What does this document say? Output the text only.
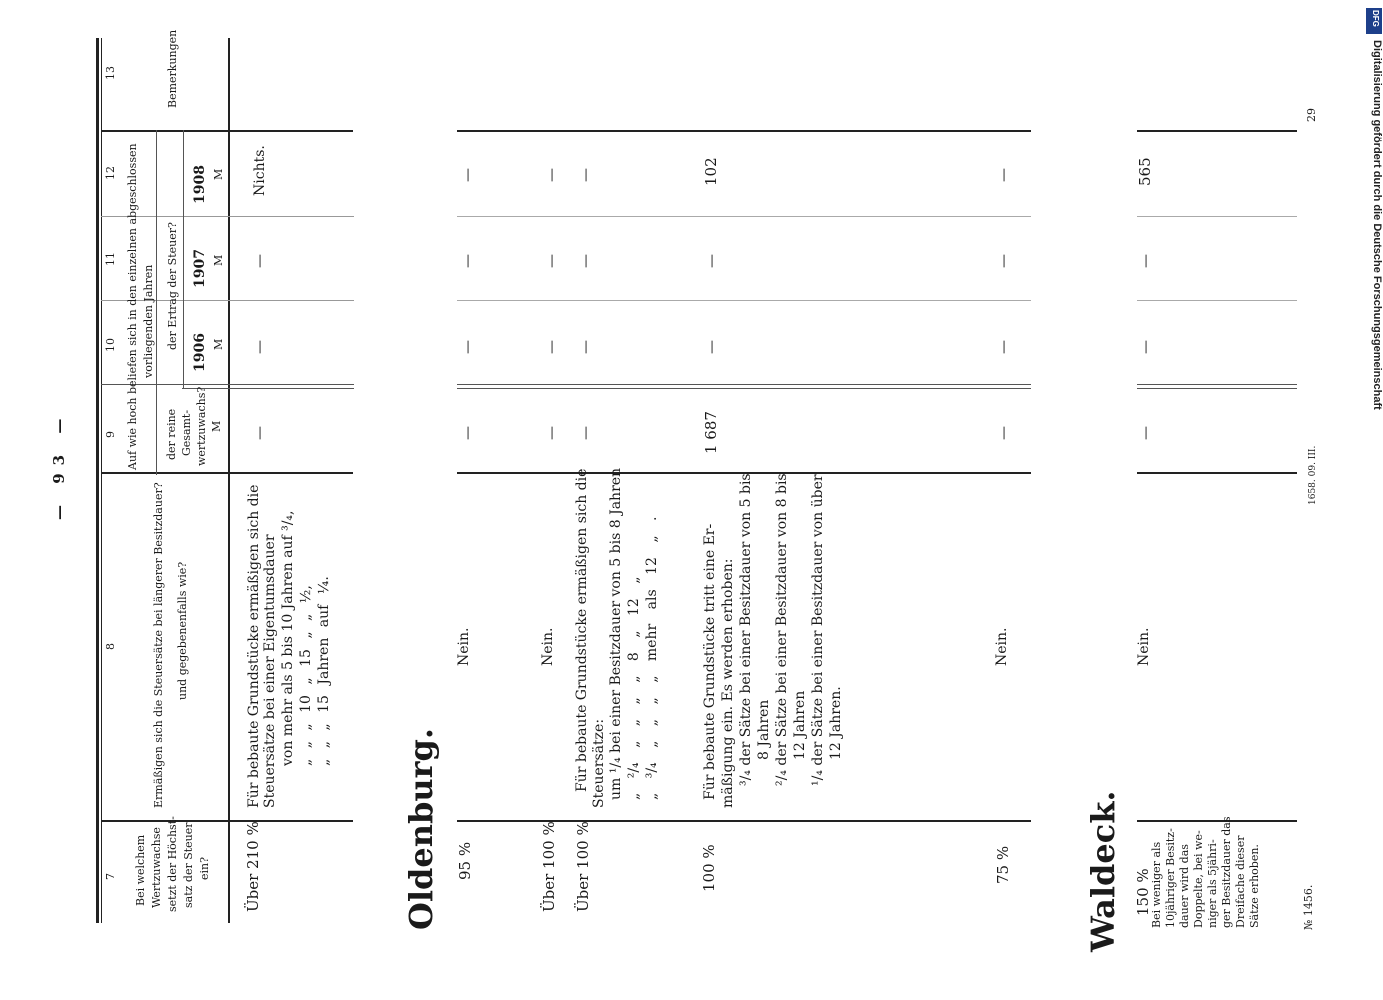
— 93 —
№ 1456.
1658. 09. III.
29	Digitalisierung gefördert durch die Deutsche Forschungsgemeinschaft
DFG
7
8
9
10
11
12
13
Bei welchem Wertzuwachse setzt der Höchst- satz der Steuer ein?
Ermäßigen sich die Steuersätze bei längerer Besitzdauer? und gegebenenfalls wie?
Auf wie hoch beliefen sich in den einzelnen abgeschlossen vorliegenden Jahren
der reine Gesamt- wertzuwachs? M
der Ertrag der Steuer?
1906 M
1907 M
1908 M
Bemerkungen
Über 210 %
Für bebaute Grundstücke ermäßigen sich die Steuersätze bei einer Eigentumsdauer von mehr als 5 bis 10 Jahren auf ³/₄, „ „ „ 10 „ 15 „ „ ½, „ „ „ 15 Jahren auf ¼.
—
—
—
Nichts.
Oldenburg. 95 %
Nein.
—
—
—
—
Über 100 %
Nein.
—
—
—
—
Über 100 %
Für bebaute Grundstücke ermäßigen sich die Steuersätze: um ¹/₄ bei einer Besitzdauer von 5 bis 8 Jahren „ ²/₄ „ „ „ „ 8 „ 12 „ „ ³/₄ „ „ „ „ mehr als 12 „ .
—
—
—
—
100 %
Für bebaute Grundstücke tritt eine Er- mäßigung ein. Es werden erhoben: ³/₄ der Sätze bei einer Besitzdauer von 5 bis 8 Jahren ²/₄ der Sätze bei einer Besitzdauer von 8 bis 12 Jahren ¹/₄ der Sätze bei einer Besitzdauer von über 12 Jahren.
1 687
—
—
102
75 %
Nein.
—
—
—
—
Waldeck. 150 %
Bei weniger als 10jähriger Besitz- dauer wird das Doppelte, bei we- niger als 5jähri- ger Besitzdauer das Dreifache dieser Sätze erhoben.
Nein.
—
—
—
565
